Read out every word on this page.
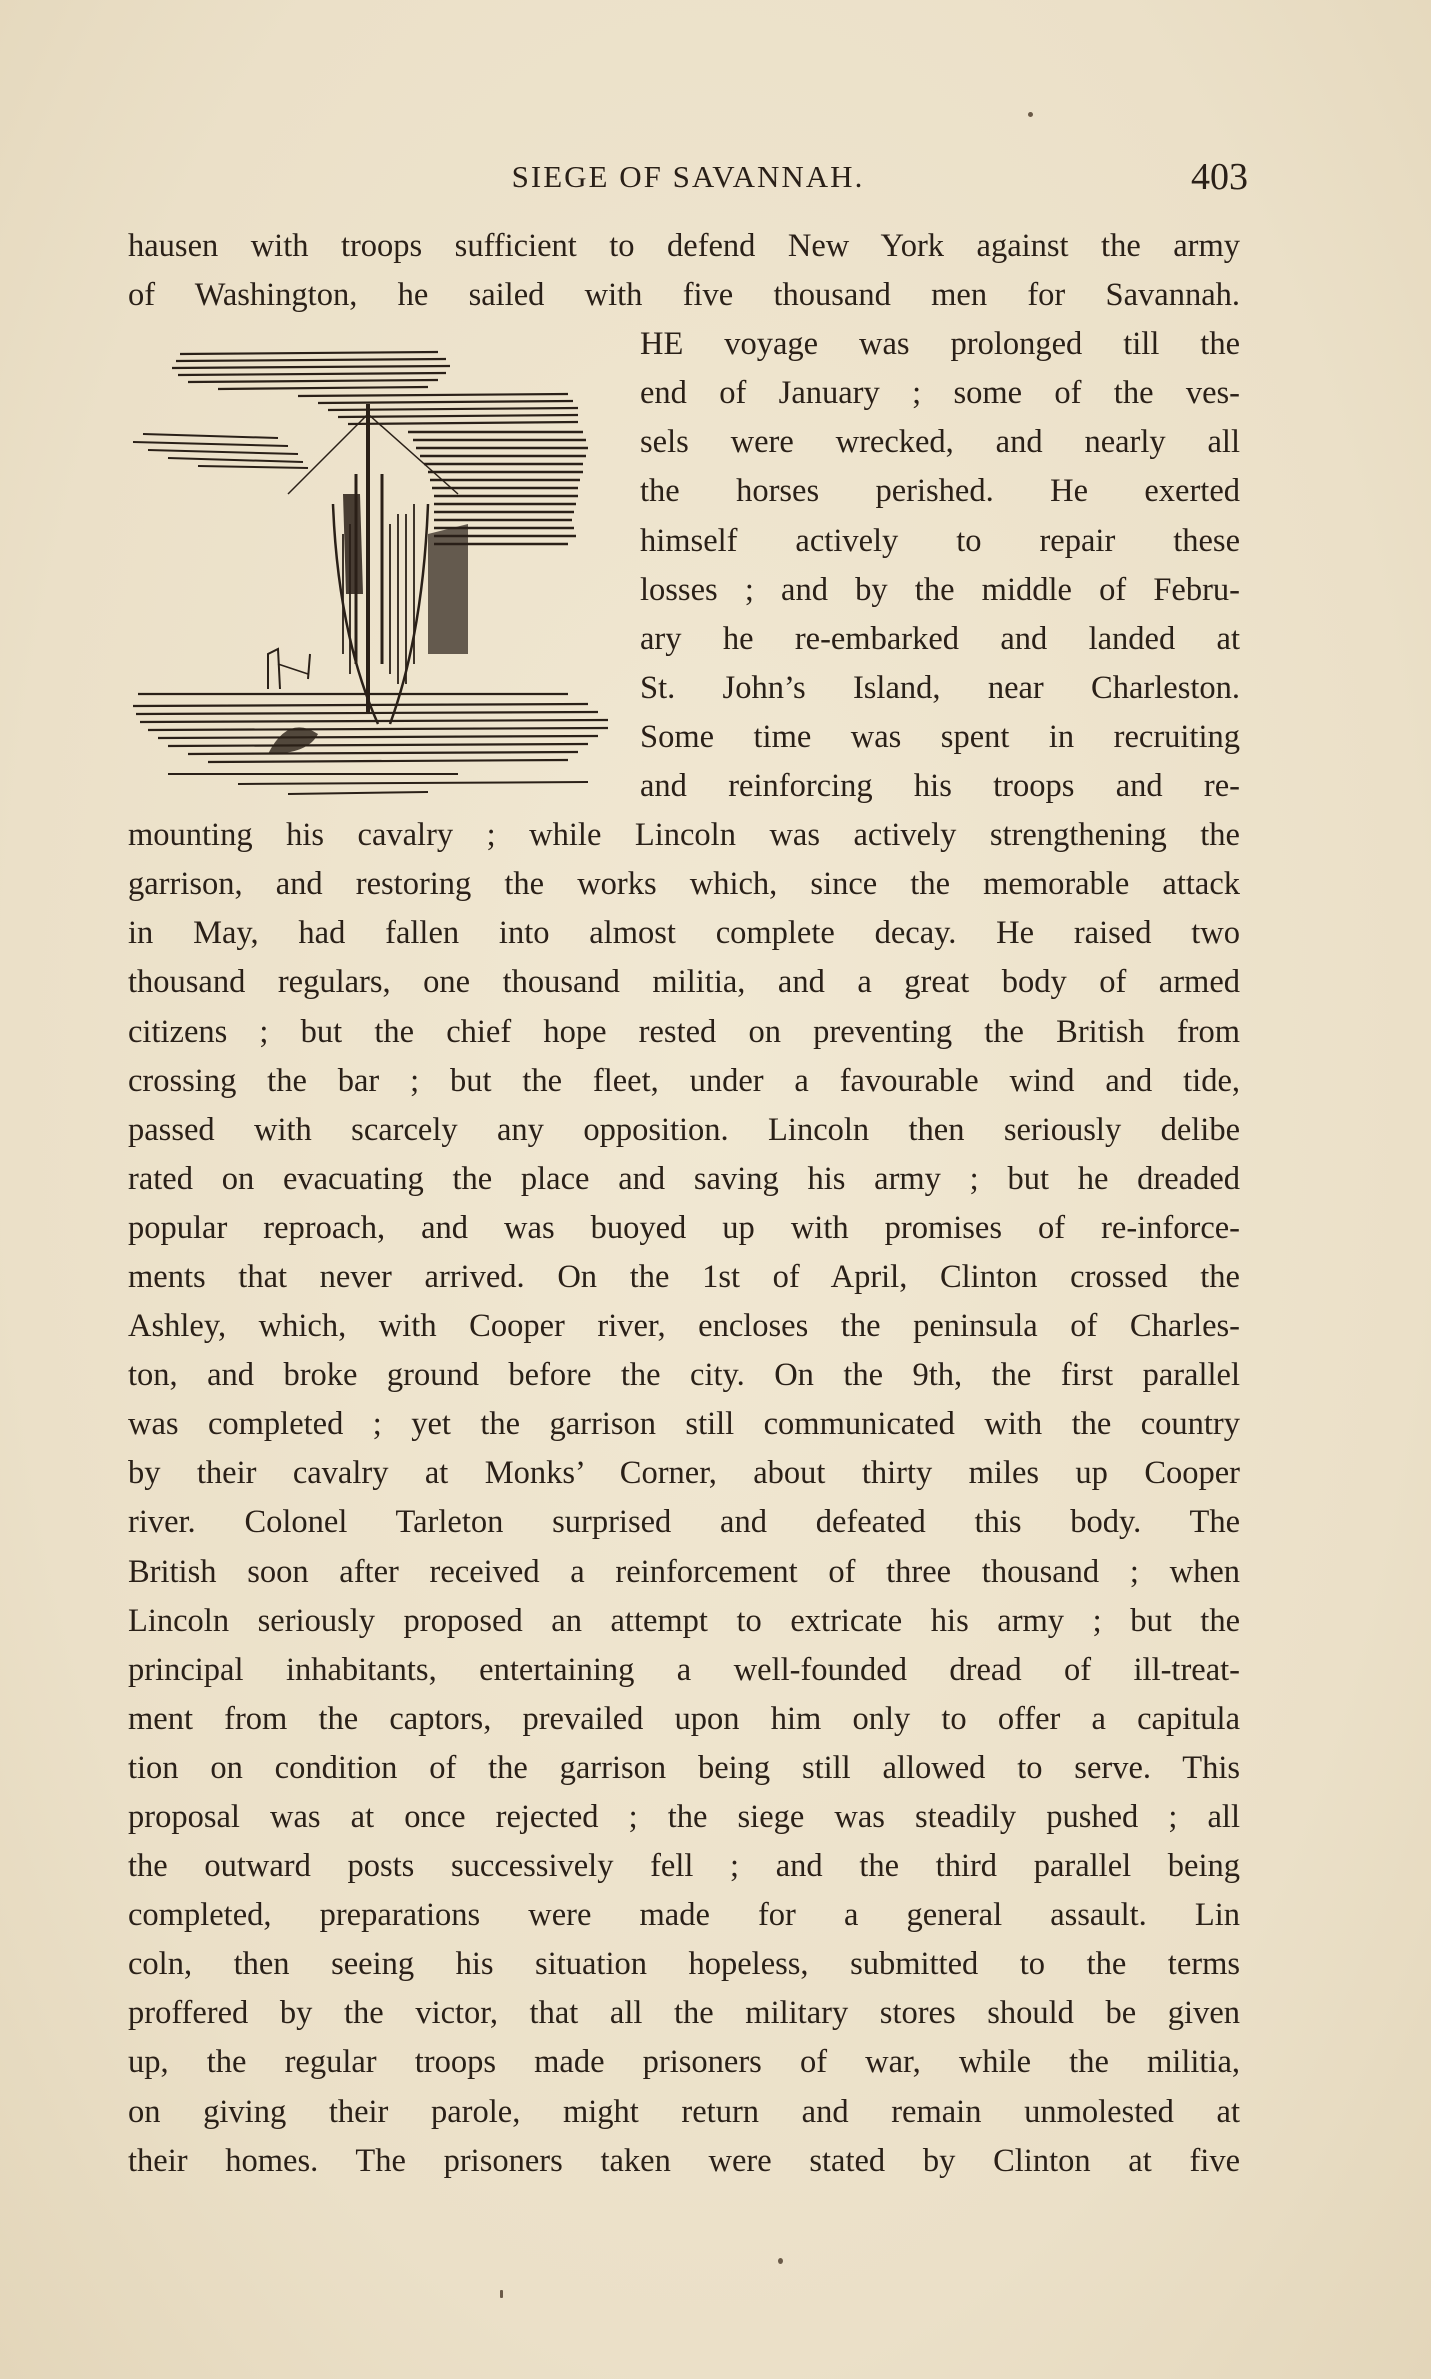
SIEGE OF SAVANNAH.	403
hausen with troops sufficient to defend New York against the army
of Washington, he sailed with five thousand men for Savannah.
HE voyage was prolonged till the
end of January ; some of the ves-
sels were wrecked, and nearly all
the horses perished. He exerted
himself actively to repair these
losses ; and by the middle of Febru-
ary he re-embarked and landed at
St. John’s Island, near Charleston.
Some time was spent in recruiting
and reinforcing his troops and re-
mounting his cavalry ; while Lincoln was actively strengthening the
garrison, and restoring the works which, since the memorable attack
in May, had fallen into almost complete decay. He raised two
thousand regulars, one thousand militia, and a great body of armed
citizens ; but the chief hope rested on preventing the British from
crossing the bar ; but the fleet, under a favourable wind and tide,
passed with scarcely any opposition. Lincoln then seriously delibe
rated on evacuating the place and saving his army ; but he dreaded
popular reproach, and was buoyed up with promises of re-inforce-
ments that never arrived. On the 1st of April, Clinton crossed the
Ashley, which, with Cooper river, encloses the peninsula of Charles-
ton, and broke ground before the city. On the 9th, the first parallel
was completed ; yet the garrison still communicated with the country
by their cavalry at Monks’ Corner, about thirty miles up Cooper
river. Colonel Tarleton surprised and defeated this body. The
British soon after received a reinforcement of three thousand ; when
Lincoln seriously proposed an attempt to extricate his army ; but the
principal inhabitants, entertaining a well-founded dread of ill-treat-
ment from the captors, prevailed upon him only to offer a capitula
tion on condition of the garrison being still allowed to serve. This
proposal was at once rejected ; the siege was steadily pushed ; all
the outward posts successively fell ; and the third parallel being
completed, preparations were made for a general assault. Lin
coln, then seeing his situation hopeless, submitted to the terms
proffered by the victor, that all the military stores should be given
up, the regular troops made prisoners of war, while the militia,
on giving their parole, might return and remain unmolested at
their homes. The prisoners taken were stated by Clinton at five
